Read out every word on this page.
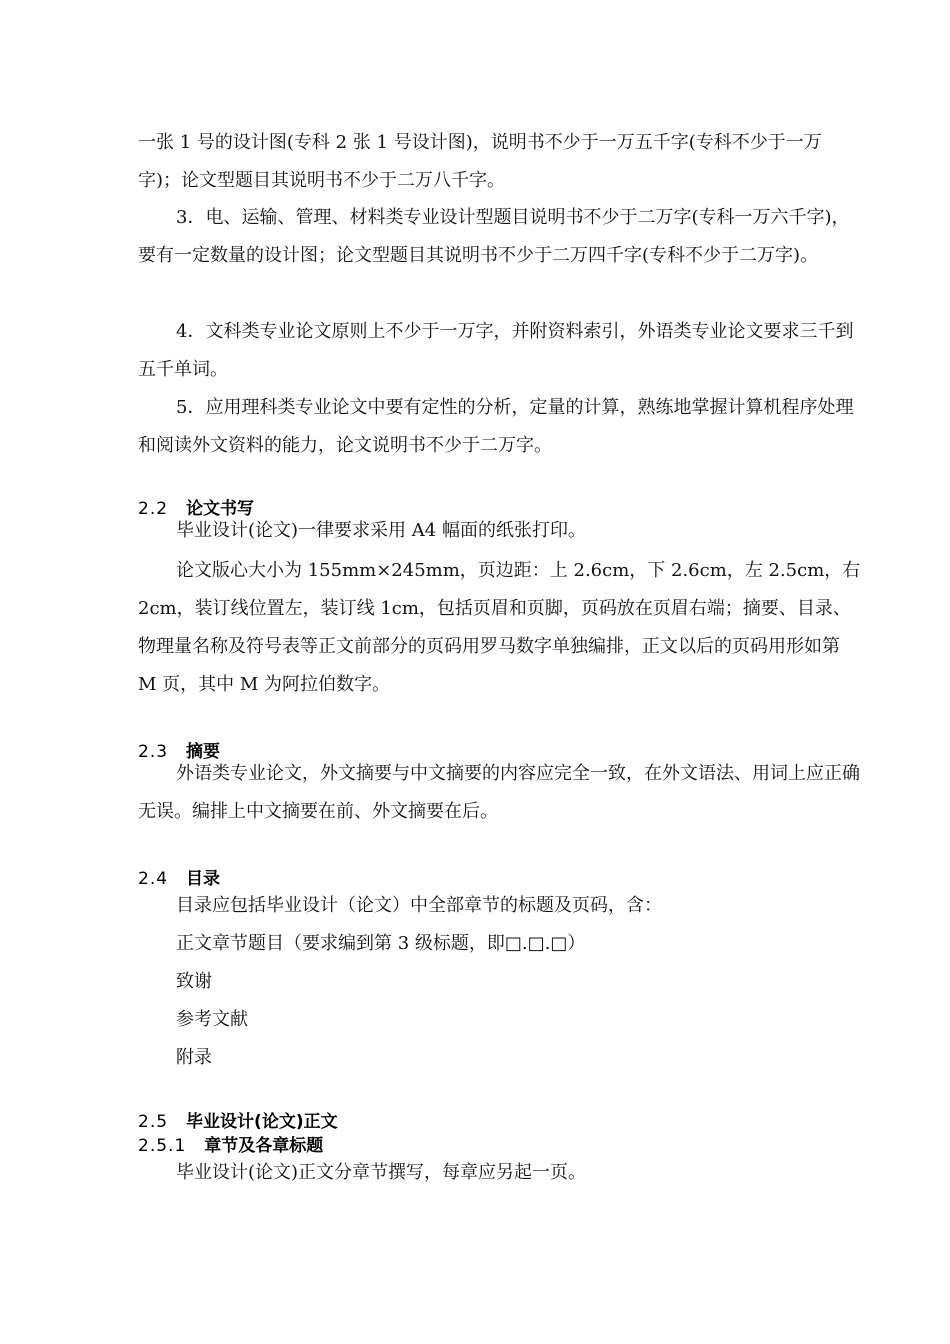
一张 1 号的设计图(专科 2 张 1 号设计图)，说明书不少于一万五千字(专科不少于一万

字)；论文型题目其说明书不少于二万八千字。

3．电、运输、管理、材料类专业设计型题目说明书不少于二万字(专科一万六千字)，要有一定数量的设计图；论文型题目其说明书不少于二万四千字(专科不少于二万字)。

4．文科类专业论文原则上不少于一万字，并附资料索引，外语类专业论文要求三千到五千单词。

5．应用理科类专业论文中要有定性的分析，定量的计算，熟练地掌握计算机程序处理和阅读外文资料的能力，论文说明书不少于二万字。

2.2 论文书写

毕业设计(论文)一律要求采用 A4 幅面的纸张打印。

论文版心大小为 155mm×245mm，页边距：上 2.6cm，下 2.6cm，左 2.5cm，右 2cm，装订线位置左，装订线 1cm，包括页眉和页脚，页码放在页眉右端；摘要、目录、物理量名称及符号表等正文前部分的页码用罗马数字单独编排，正文以后的页码用形如第 M 页，其中 M 为阿拉伯数字。

2.3 摘要

外语类专业论文，外文摘要与中文摘要的内容应完全一致，在外文语法、用词上应正确无误。编排上中文摘要在前、外文摘要在后。

2.4 目录

目录应包括毕业设计（论文）中全部章节的标题及页码，含：

正文章节题目（要求编到第 3 级标题，即□.□.□）

致谢

参考文献

附录

2.5 毕业设计(论文)正文
2.5.1 章节及各章标题

毕业设计(论文)正文分章节撰写，每章应另起一页。
